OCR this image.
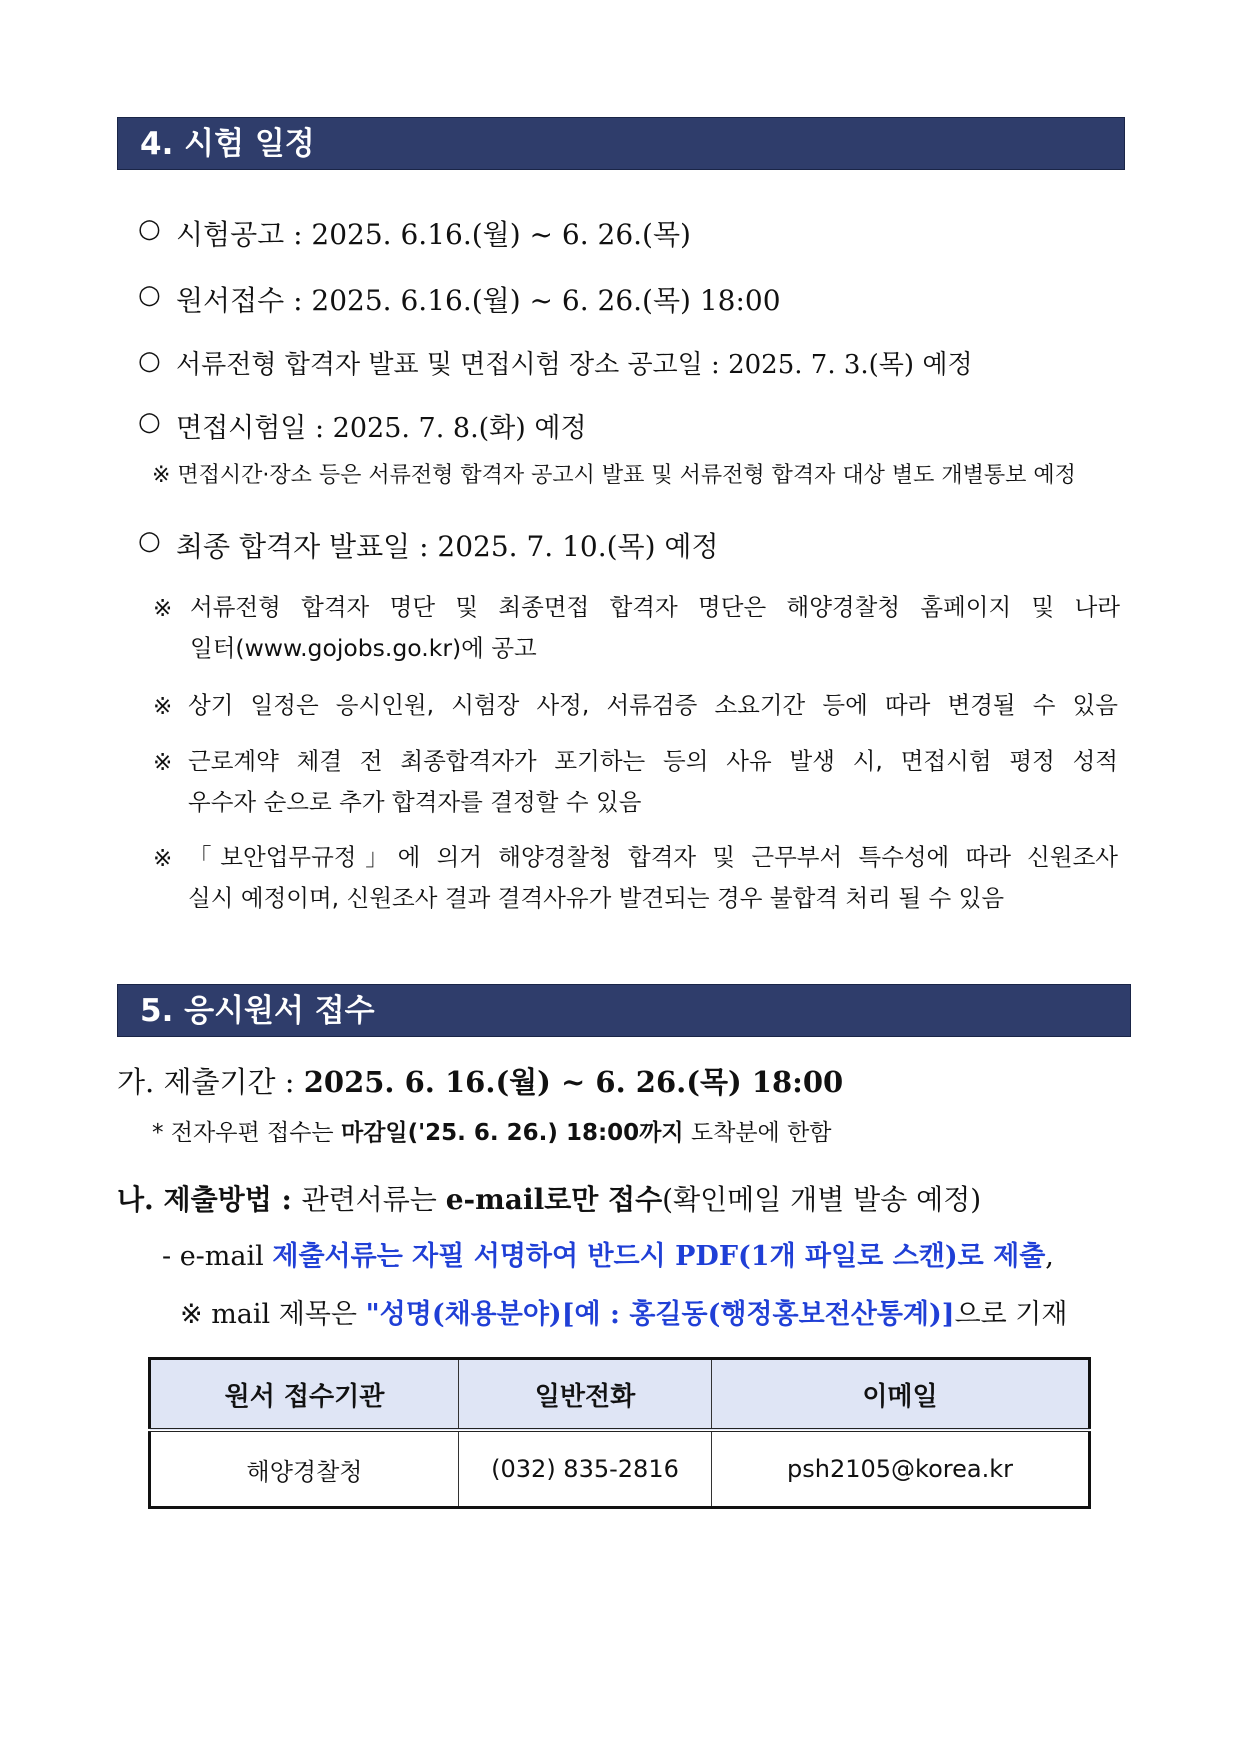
4. 시험 일정
○ 시험공고 : 2025. 6.16.(월) ~ 6. 26.(목)
○ 원서접수 : 2025. 6.16.(월) ~ 6. 26.(목) 18:00
○ 서류전형 합격자 발표 및 면접시험 장소 공고일 : 2025. 7. 3.(목) 예정
○ 면접시험일 : 2025. 7. 8.(화) 예정
※ 면접시간·장소 등은 서류전형 합격자 공고시 발표 및 서류전형 합격자 대상 별도 개별통보 예정
○ 최종 합격자 발표일 : 2025. 7. 10.(목) 예정
※ 서류전형 합격자 명단 및 최종면접 합격자 명단은 해양경찰청 홈페이지 및 나라
일터(www.gojobs.go.kr)에 공고
※ 상기 일정은 응시인원, 시험장 사정, 서류검증 소요기간 등에 따라 변경될 수 있음
※ 근로계약 체결 전 최종합격자가 포기하는 등의 사유 발생 시, 면접시험 평정 성적
우수자 순으로 추가 합격자를 결정할 수 있음
※ 「보안업무규정」에 의거 해양경찰청 합격자 및 근무부서 특수성에 따라 신원조사
실시 예정이며, 신원조사 결과 결격사유가 발견되는 경우 불합격 처리 될 수 있음
5. 응시원서 접수
가. 제출기간 : 2025. 6. 16.(월) ~ 6. 26.(목) 18:00
* 전자우편 접수는 마감일('25. 6. 26.) 18:00까지 도착분에 한함
나. 제출방법 : 관련서류는 e-mail로만 접수(확인메일 개별 발송 예정)
- e-mail 제출서류는 자필 서명하여 반드시 PDF(1개 파일로 스캔)로 제출,
※ mail 제목은 "성명(채용분야)[예 : 홍길동(행정홍보전산통계)]으로 기재
원서 접수기관	일반전화	이메일
해양경찰청	(032) 835-2816	psh2105@korea.kr
